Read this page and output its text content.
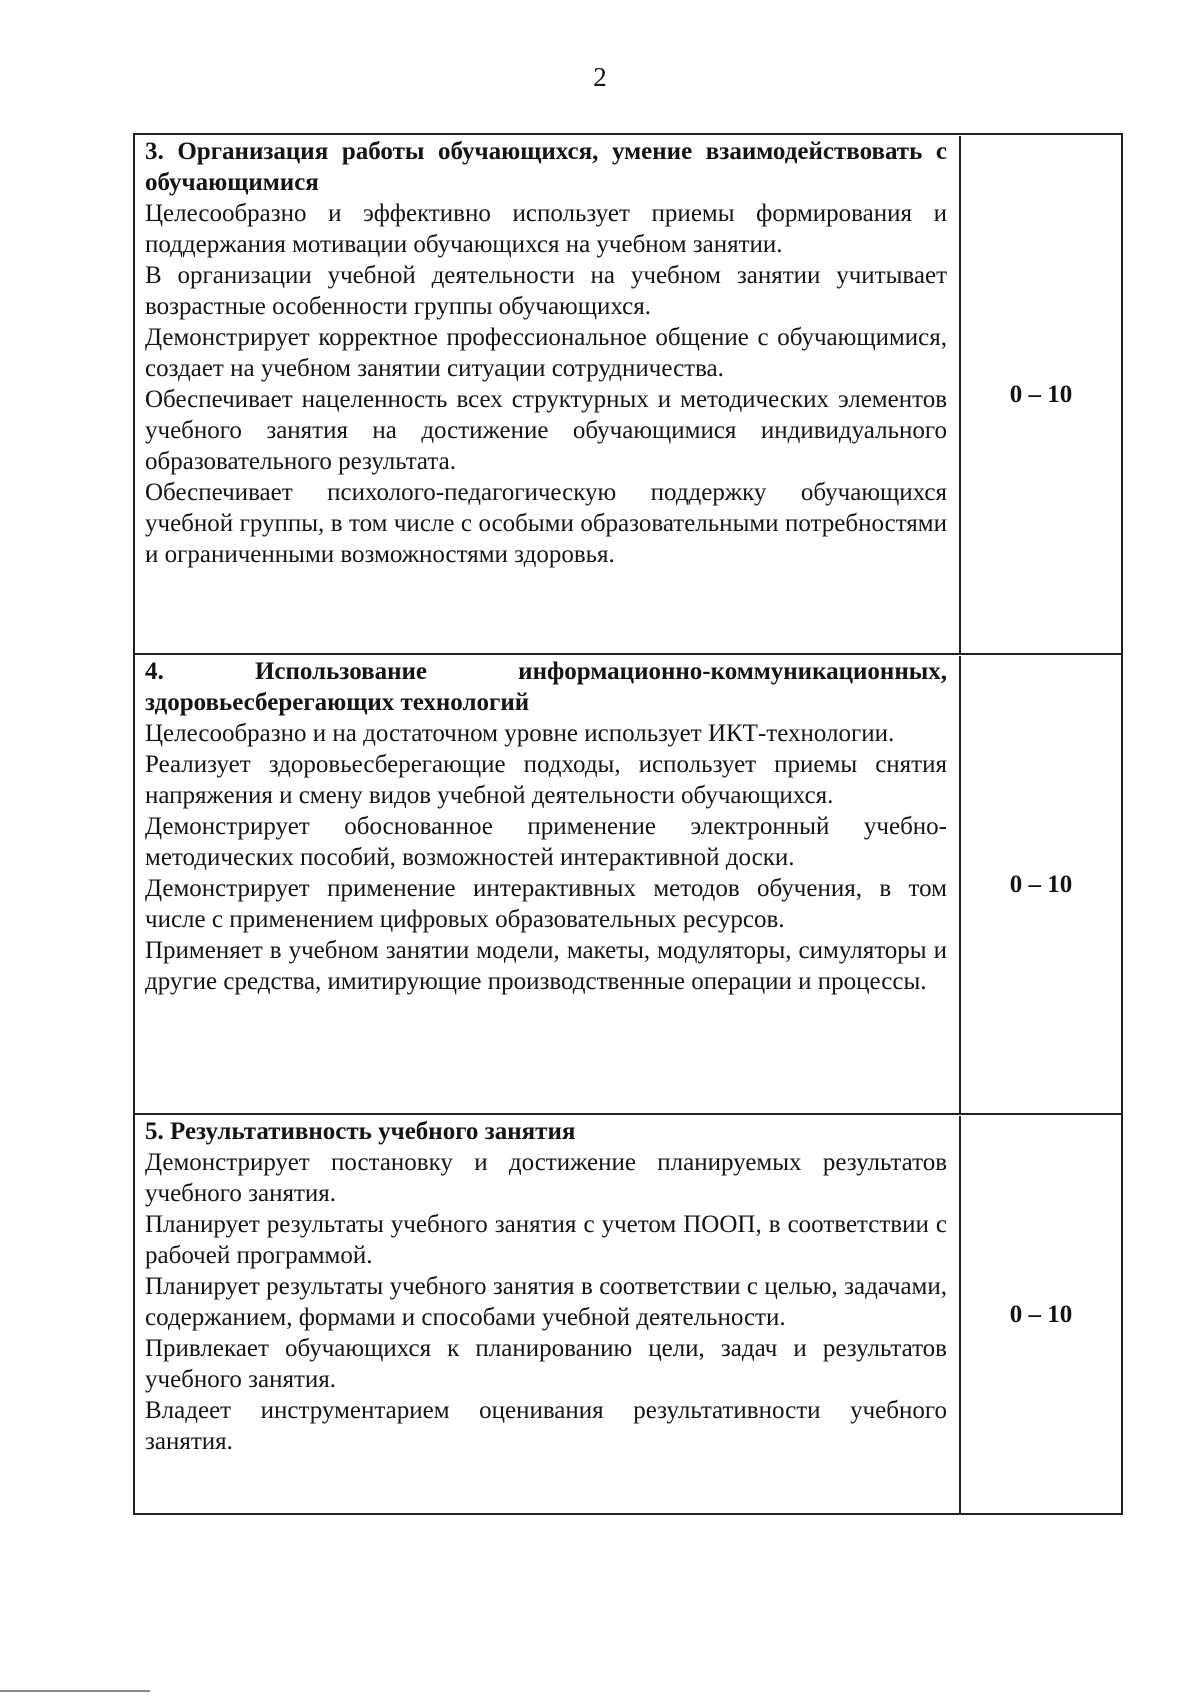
2

3. Организация работы обучающихся, умение взаимодействовать с обучающимися

Целесообразно и эффективно использует приемы формирования и поддержания мотивации обучающихся на учебном занятии.

В организации учебной деятельности на учебном занятии учитывает возрастные особенности группы обучающихся.

Демонстрирует корректное профессиональное общение с обучающимися, создает на учебном занятии ситуации сотрудничества.

Обеспечивает нацеленность всех структурных и методических элементов учебного занятия на достижение обучающимися индивидуального образовательного результата.

Обеспечивает психолого-педагогическую поддержку обучающихся учебной группы, в том числе с особыми образовательными потребностями и ограниченными возможностями здоровья.

0 – 10

4. Использование информационно-коммуникационных, здоровьесберегающих технологий

Целесообразно и на достаточном уровне использует ИКТ-технологии.

Реализует здоровьесберегающие подходы, использует приемы снятия напряжения и смену видов учебной деятельности обучающихся.

Демонстрирует обоснованное применение электронный учебно-методических пособий, возможностей интерактивной доски.

Демонстрирует применение интерактивных методов обучения, в том числе с применением цифровых образовательных ресурсов.

Применяет в учебном занятии модели, макеты, модуляторы, симуляторы и другие средства, имитирующие производственные операции и процессы.

0 – 10

5. Результативность учебного занятия

Демонстрирует постановку и достижение планируемых результатов учебного занятия.

Планирует результаты учебного занятия с учетом ПООП, в соответствии с рабочей программой.

Планирует результаты учебного занятия в соответствии с целью, задачами, содержанием, формами и способами учебной деятельности.

Привлекает обучающихся к планированию цели, задач и результатов учебного занятия.

Владеет инструментарием оценивания результативности учебного занятия.

0 – 10
